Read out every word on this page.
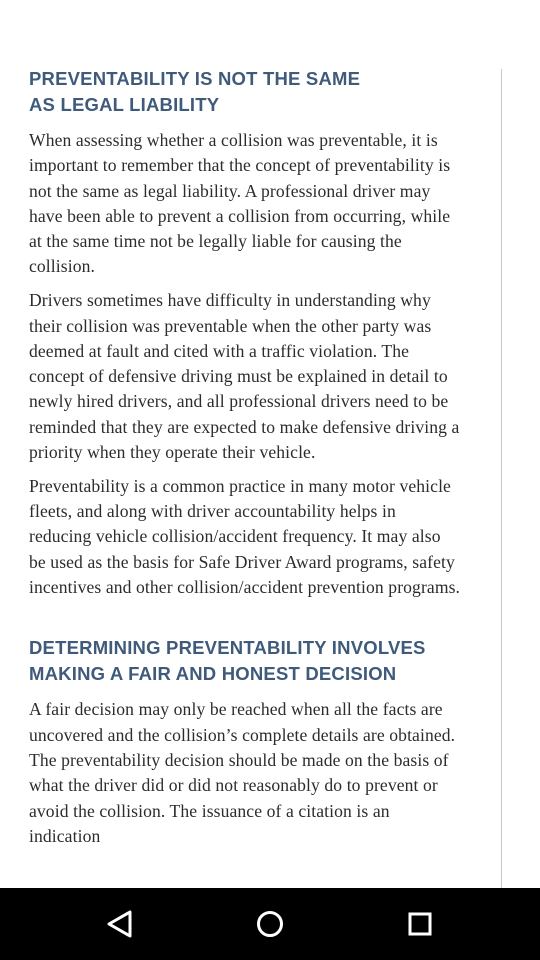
PREVENTABILITY IS NOT THE SAME
AS LEGAL LIABILITY

When assessing whether a collision was preventable, it is important to remember that the concept of preventability is not the same as legal liability. A professional driver may have been able to prevent a collision from occurring, while at the same time not be legally liable for causing the collision.

Drivers sometimes have difficulty in understanding why their collision was preventable when the other party was deemed at fault and cited with a traffic violation. The concept of defensive driving must be explained in detail to newly hired drivers, and all professional drivers need to be reminded that they are expected to make defensive driving a priority when they operate their vehicle.

Preventability is a common practice in many motor vehicle fleets, and along with driver accountability helps in reducing vehicle collision/accident frequency. It may also be used as the basis for Safe Driver Award programs, safety incentives and other collision/accident prevention programs.

DETERMINING PREVENTABILITY INVOLVES
MAKING A FAIR AND HONEST DECISION

A fair decision may only be reached when all the facts are uncovered and the collision’s complete details are obtained. The preventability decision should be made on the basis of what the driver did or did not reasonably do to prevent or avoid the collision. The issuance of a citation is an indication
